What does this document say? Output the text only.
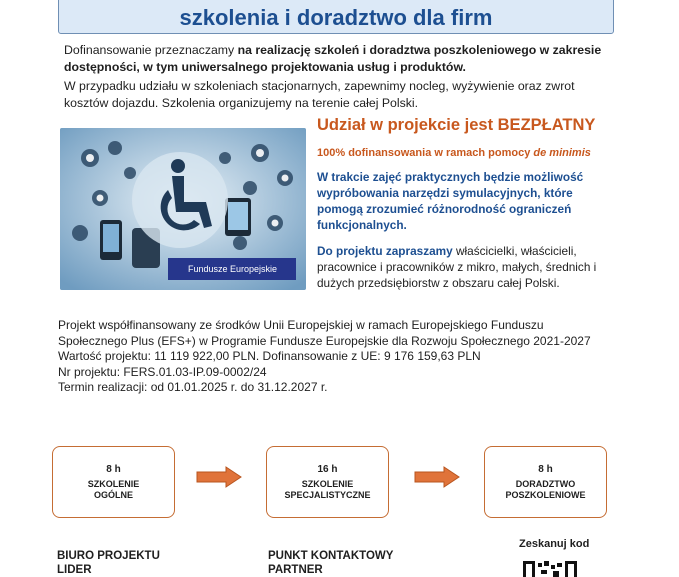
szkolenia i doradztwo dla firm

Dofinansowanie przeznaczamy na realizację szkoleń i doradztwa poszkoleniowego w zakresie dostępności, w tym uniwersalnego projektowania usług i produktów.

W przypadku udziału w szkoleniach stacjonarnych, zapewnimy nocleg, wyżywienie oraz zwrot kosztów dojazdu. Szkolenia organizujemy na terenie całej Polski.

Fundusze Europejskie

Udział w projekcie jest BEZPŁATNY

100% dofinansowania w ramach pomocy de minimis
W trakcie zajęć praktycznych będzie możliwość wypróbowania narzędzi symulacyjnych, które pomogą zrozumieć różnorodność ograniczeń funkcjonalnych.
Do projektu zapraszamy właścicielki, właścicieli, pracownice i pracowników z mikro, małych, średnich i dużych przedsiębiorstw z obszaru całej Polski.
Projekt współfinansowany ze środków Unii Europejskiej w ramach Europejskiego Funduszu
Społecznego Plus (EFS+) w Programie Fundusze Europejskie dla Rozwoju Społecznego 2021-2027
Wartość projektu: 11 119 922,00 PLN. Dofinansowanie z UE: 9 176 159,63 PLN
Nr projektu: FERS.01.03-IP.09-0002/24
Termin realizacji: od 01.01.2025 r. do 31.12.2027 r.
8 h
SZKOLENIE
OGÓLNE
16 h
SZKOLENIE
SPECJALISTYCZNE
8 h
DORADZTWO
POSZKOLENIOWE
BIURO PROJEKTU
LIDER
PUNKT KONTAKTOWY
PARTNER
Zeskanuj kod
